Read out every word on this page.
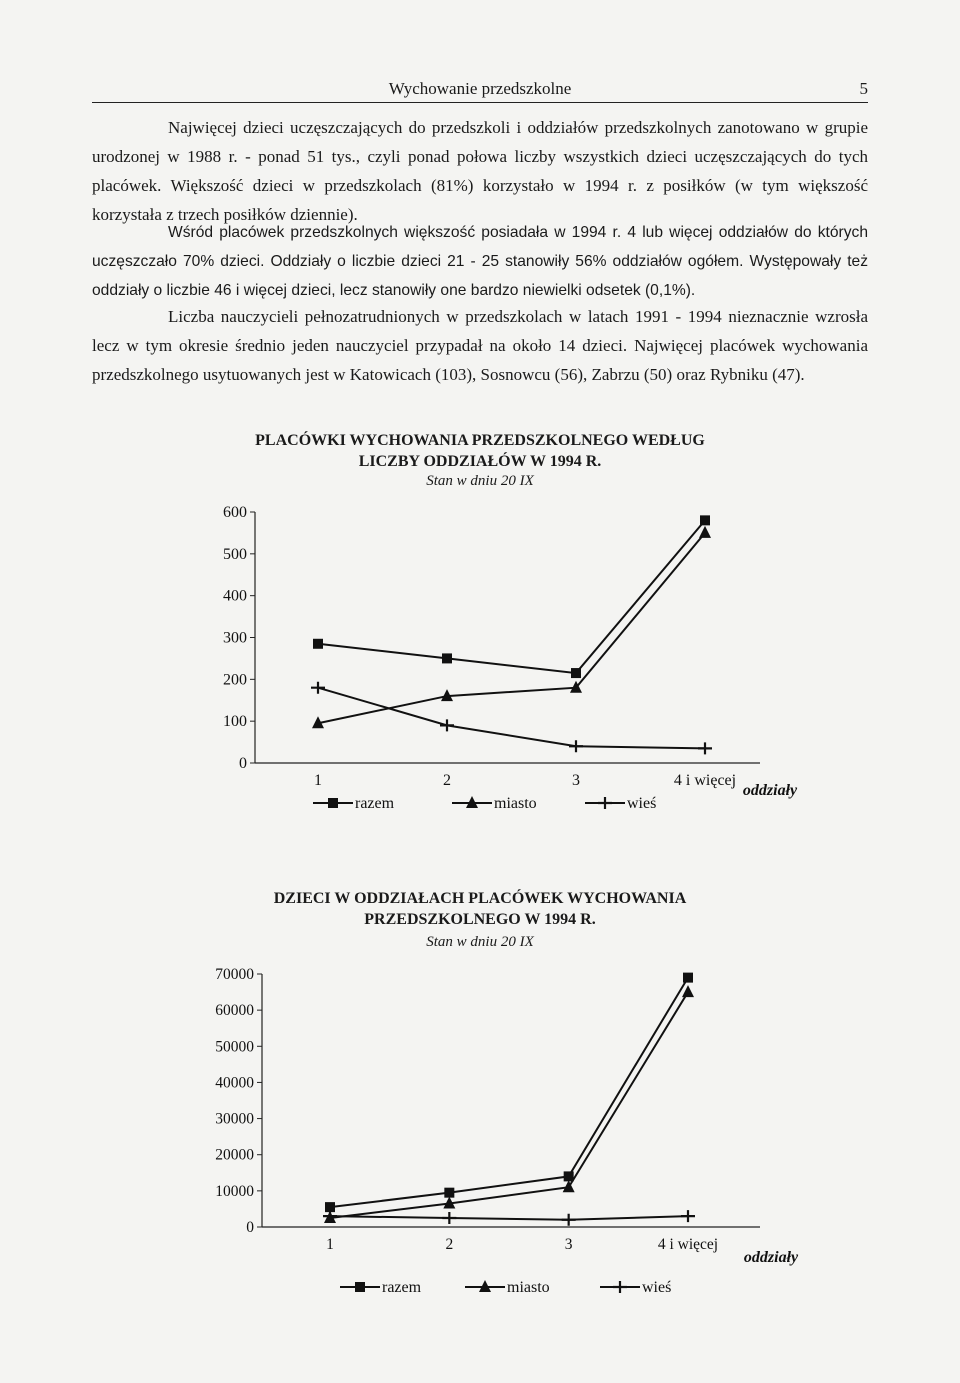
Wychowanie przedszkolne	5

Najwięcej dzieci uczęszczających do przedszkoli i oddziałów przedszkolnych zanotowano w grupie urodzonej w 1988 r. - ponad 51 tys., czyli ponad połowa liczby wszystkich dzieci uczęszczających do tych placówek. Większość dzieci w przedszkolach (81%) korzystało w 1994 r. z posiłków (w tym większość korzystała z trzech posiłków dziennie).

Wśród placówek przedszkolnych większość posiadała w 1994 r. 4 lub więcej oddziałów do których uczęszczało 70% dzieci. Oddziały o liczbie dzieci 21 - 25 stanowiły 56% oddziałów ogółem. Występowały też oddziały o liczbie 46 i więcej dzieci, lecz stanowiły one bardzo niewielki odsetek (0,1%).

Liczba nauczycieli pełnozatrudnionych w przedszkolach w latach 1991 - 1994 nieznacznie wzrosła lecz w tym okresie średnio jeden nauczyciel przypadał na około 14 dzieci. Najwięcej placówek wychowania przedszkolnego usytuowanych jest w Katowicach (103), Sosnowcu (56), Zabrzu (50) oraz Rybniku (47).

PLACÓWKI WYCHOWANIA PRZEDSZKOLNEGO WEDŁUG LICZBY ODDZIAŁÓW W 1994 R.
Stan w dniu 20 IX
0
100
200
300
400
500
600
1	2	3	4 i więcej
oddziały
razem	miasto	wieś
DZIECI W ODDZIAŁACH PLACÓWEK WYCHOWANIA PRZEDSZKOLNEGO W 1994 R.
Stan w dniu 20 IX
0
10000
20000
30000
40000
50000
60000
70000
1	2	3	4 i więcej
oddziały
razem	miasto	wieś
